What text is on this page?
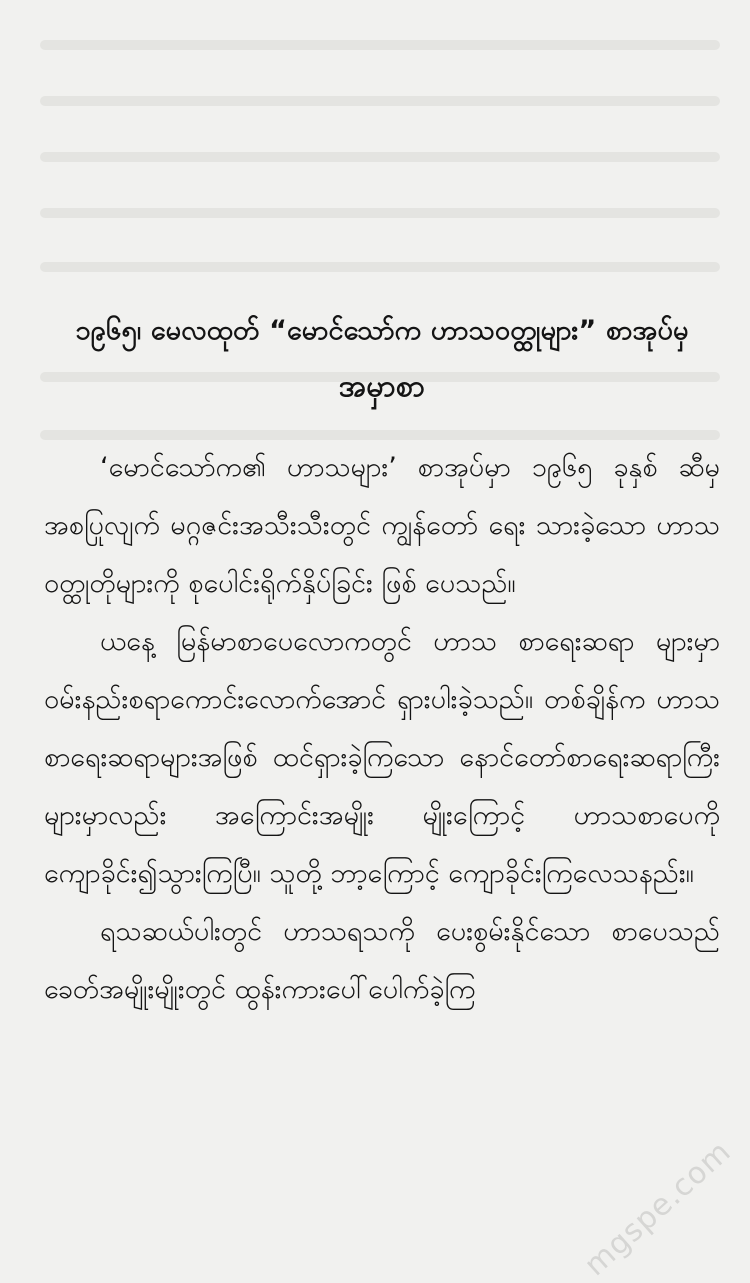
၁၉၆၅၊ မေလထုတ် “မောင်သော်က ဟာသဝတ္ထုများ” စာအုပ်မှ
အမှာစာ

‘မောင်သော်က၏ ဟာသများ’ စာအုပ်မှာ ၁၉၆၅ ခုနှစ် ဆီမှ အစပြုလျက် မဂ္ဂဇင်းအသီးသီးတွင် ကျွန်တော် ရေး သားခဲ့သော ဟာသဝတ္ထုတိုများကို စုပေါင်းရိုက်နှိပ်ခြင်း ဖြစ် ပေသည်။

ယနေ့ မြန်မာစာပေလောကတွင် ဟာသ စာရေးဆရာ များမှာ ဝမ်းနည်းစရာကောင်းလောက်အောင် ရှားပါးခဲ့သည်။ တစ်ချိန်က ဟာသစာရေးဆရာများအဖြစ် ထင်ရှားခဲ့ကြသော နောင်တော်စာရေးဆရာကြီးများမှာလည်း အကြောင်းအမျိုး မျိုးကြောင့် ဟာသစာပေကို ကျောခိုင်း၍သွားကြပြီ။ သူတို့ ဘာ့ကြောင့် ကျောခိုင်းကြလေသနည်း။

ရသဆယ်ပါးတွင် ဟာသရသကို ပေးစွမ်းနိုင်သော စာပေသည် ခေတ်အမျိုးမျိုးတွင် ထွန်းကားပေါ်ပေါက်ခဲ့ကြ

mgspe.com
